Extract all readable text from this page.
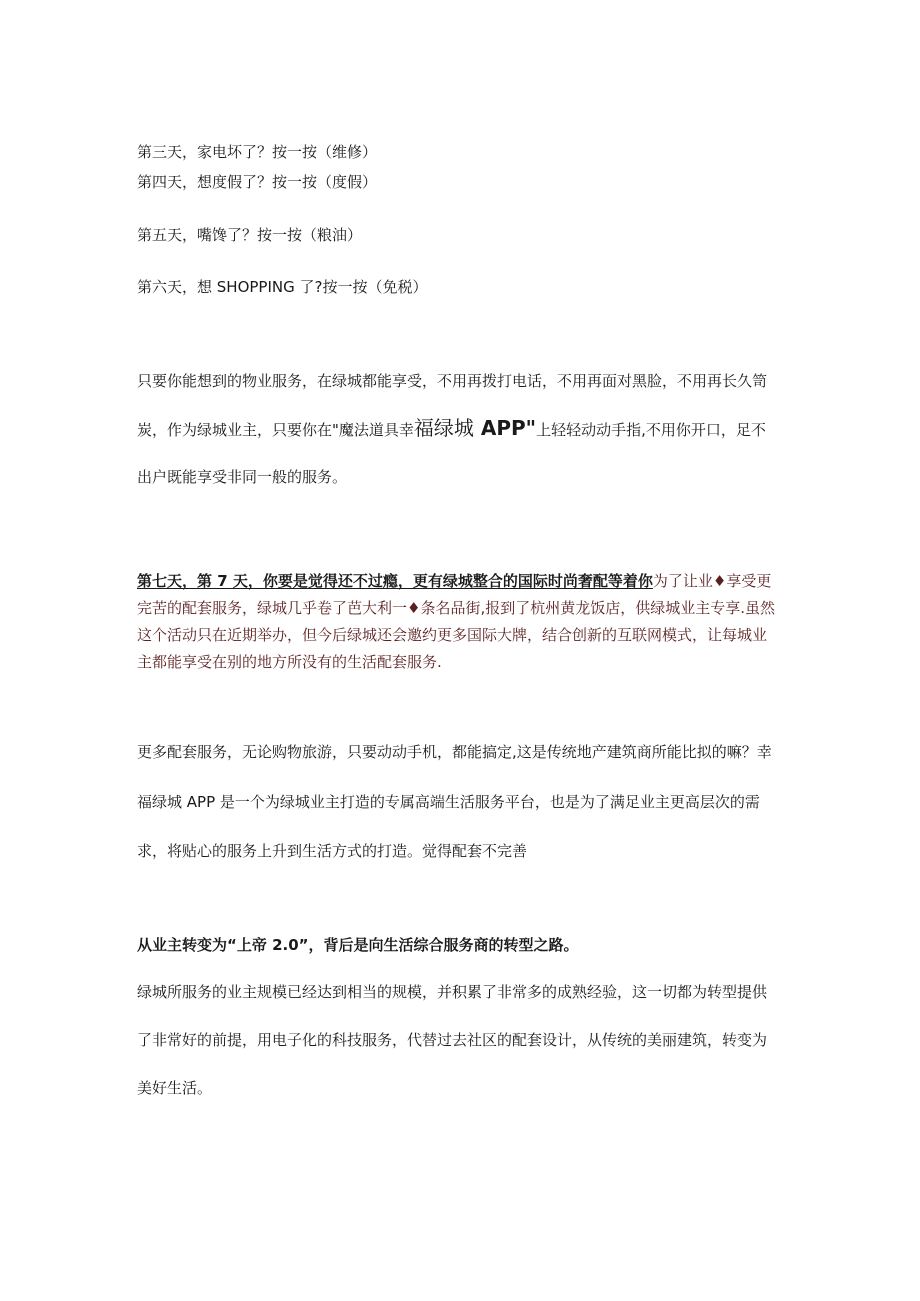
第三天，家电坏了？按一按（维修）
第四天，想度假了？按一按（度假）
第五天，嘴馋了？按一按（粮油）
第六天，想 SHOPPING 了?按一按（免税）
只要你能想到的物业服务，在绿城都能享受，不用再拨打电话，不用再面对黑脸，不用再长久笥
炭，作为绿城业主，只要你在"魔法道具幸福绿城 APP"上轻轻动动手指,不用你开口，足不
出户既能享受非同一般的服务。
第七天，第 7 天，你要是觉得还不过瘾，更有绿城整合的国际时尚奢配等着你为了让业♦享受更
完苦的配套服务，绿城几乎卷了芭大利一♦条名品街,报到了杭州黄龙饭店，供绿城业主专享.虽然
这个活动只在近期举办，但今后绿城还会邀约更多国际大牌，结合创新的互联网模式，让每城业
主都能享受在别的地方所没有的生活配套服务.
更多配套服务，无论购物旅游，只要动动手机，都能搞定,这是传统地产建筑商所能比拟的嘛？幸
福绿城 APP 是一个为绿城业主打造的专属高端生活服务平台，也是为了满足业主更高层次的需
求，将贴心的服务上升到生活方式的打造。觉得配套不完善
从业主转变为“上帝 2.0”，背后是向生活综合服务商的转型之路。
绿城所服务的业主规模已经达到相当的规模，并积累了非常多的成熟经验，这一切都为转型提供
了非常好的前提，用电子化的科技服务，代替过去社区的配套设计，从传统的美丽建筑，转变为
美好生活。
